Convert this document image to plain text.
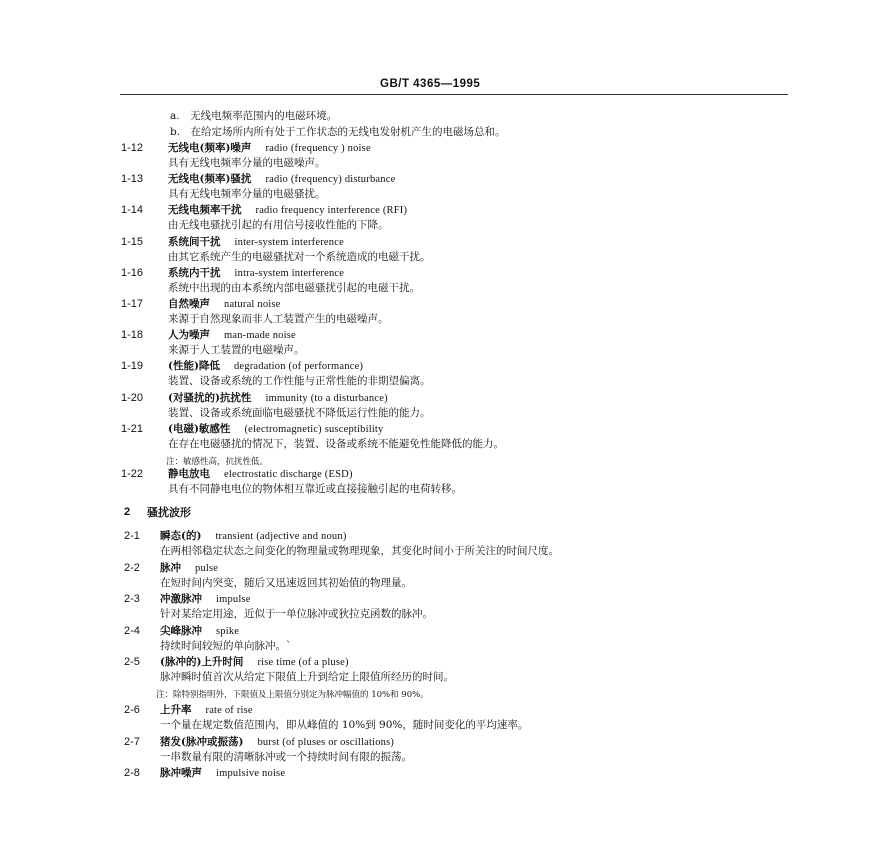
GB/T 4365—1995
a.　无线电频率范围内的电磁环境。
b.　在给定场所内所有处于工作状态的无线电发射机产生的电磁场总和。
1-12 无线电(频率)噪声 radio (frequency ) noise
具有无线电频率分量的电磁噪声。
1-13 无线电(频率)骚扰 radio (frequency) disturbance
具有无线电频率分量的电磁骚扰。
1-14 无线电频率干扰 radio frequency interference (RFI)
由无线电骚扰引起的有用信号接收性能的下降。
1-15 系统间干扰 inter-system interference
由其它系统产生的电磁骚扰对一个系统造成的电磁干扰。
1-16 系统内干扰 intra-system interference
系统中出现的由本系统内部电磁骚扰引起的电磁干扰。
1-17 自然噪声 natural noise
来源于自然现象而非人工装置产生的电磁噪声。
1-18 人为噪声 man-made noise
来源于人工装置的电磁噪声。
1-19 (性能)降低 degradation (of performance)
装置、设备或系统的工作性能与正常性能的非期望偏离。
1-20 (对骚扰的)抗扰性 immunity (to a disturbance)
装置、设备或系统面临电磁骚扰不降低运行性能的能力。
1-21 (电磁)敏感性 (electromagnetic) susceptibility
在存在电磁骚扰的情况下，装置、设备或系统不能避免性能降低的能力。
注：敏感性高，抗扰性低。
1-22 静电放电 electrostatic discharge (ESD)
具有不同静电电位的物体相互靠近或直接接触引起的电荷转移。
2 骚扰波形
2-1 瞬态(的) transient (adjective and noun)
在两相邻稳定状态之间变化的物理量或物理现象，其变化时间小于所关注的时间尺度。
2-2 脉冲 pulse
在短时间内突变，随后又迅速返回其初始值的物理量。
2-3 冲激脉冲 impulse
针对某给定用途，近似于一单位脉冲或狄拉克函数的脉冲。
2-4 尖峰脉冲 spike
持续时间较短的单向脉冲。`
2-5 (脉冲的)上升时间 rise time (of a pluse)
脉冲瞬时值首次从给定下限值上升到给定上限值所经历的时间。
注：除特别指明外，下限值及上限值分别定为脉冲幅值的 10%和 90%。
2-6 上升率 rate of rise
一个量在规定数值范围内，即从峰值的 10%到 90%，随时间变化的平均速率。
2-7 猪发(脉冲或振荡) burst (of pluses or oscillations)
一串数量有限的清晰脉冲或一个持续时间有限的振荡。
2-8 脉冲噪声 impulsive noise
